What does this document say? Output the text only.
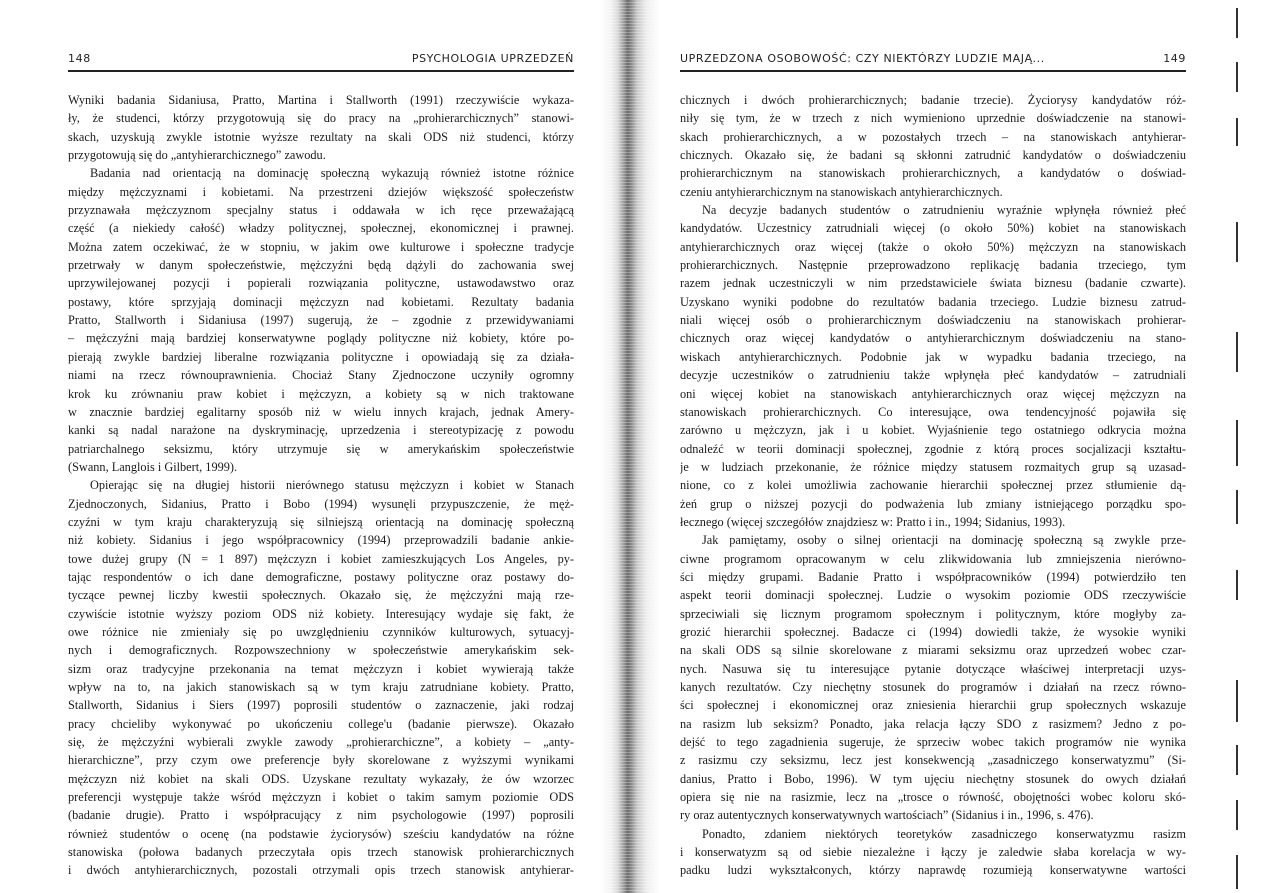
148	PSYCHOLOGIA UPRZEDZEŃ
Wyniki badania Sidaniusa, Pratto, Martina i Stallworth (1991) rzeczywiście wykaza-
ły, że studenci, którzy przygotowują się do pracy na „prohierarchicznych” stanowi-
skach, uzyskują zwykle istotnie wyższe rezultaty na skali ODS niż studenci, którzy
przygotowują się do „antyhierarchicznego” zawodu.
Badania nad orientacją na dominację społeczną wykazują również istotne różnice
między mężczyznami i kobietami. Na przestrzeni dziejów większość społeczeństw
przyznawała mężczyznom specjalny status i oddawała w ich ręce przeważającą
część (a niekiedy całość) władzy politycznej, społecznej, ekonomicznej i prawnej.
Można zatem oczekiwać, że w stopniu, w jakim owe kulturowe i społeczne tradycje
przetrwały w danym społeczeństwie, mężczyźni będą dążyli do zachowania swej
uprzywilejowanej pozycji i popierali rozwiązania polityczne, ustawodawstwo oraz
postawy, które sprzyjają dominacji mężczyzn nad kobietami. Rezultaty badania
Pratto, Stallworth i Sidaniusa (1997) sugerują, że – zgodnie z przewidywaniami
– mężczyźni mają bardziej konserwatywne poglądy polityczne niż kobiety, które po-
pierają zwykle bardziej liberalne rozwiązania polityczne i opowiadają się za działa-
niami na rzecz równouprawnienia. Chociaż Stany Zjednoczone uczyniły ogromny
krok ku zrównaniu praw kobiet i mężczyzn, a kobiety są w nich traktowane
w znacznie bardziej egalitarny sposób niż w wielu innych krajach, jednak Amery-
kanki są nadal narażone na dyskryminację, uprzedzenia i stereotypizację z powodu
patriarchalnego seksizmu, który utrzymuje się w amerykańskim społeczeństwie
(Swann, Langlois i Gilbert, 1999).
Opierając się na długiej historii nierównego statusu mężczyzn i kobiet w Stanach
Zjednoczonych, Sidanius, Pratto i Bobo (1994) wysunęli przypuszczenie, że męż-
czyźni w tym kraju charakteryzują się silniejszą orientacją na dominację społeczną
niż kobiety. Sidanius i jego współpracownicy (1994) przeprowadzili badanie ankie-
towe dużej grupy (N = 1 897) mężczyzn i kobiet zamieszkujących Los Angeles, py-
tając respondentów o ich dane demograficzne, postawy polityczne oraz postawy do-
tyczące pewnej liczby kwestii społecznych. Okazało się, że mężczyźni mają rze-
czywiście istotnie wyższy poziom ODS niż kobiety. Interesujący wydaje się fakt, że
owe różnice nie zmieniały się po uwzględnieniu czynników kulturowych, sytuacyj-
nych i demograficznych. Rozpowszechniony w społeczeństwie amerykańskim sek-
sizm oraz tradycyjne przekonania na temat mężczyzn i kobiet wywierają także
wpływ na to, na jakich stanowiskach są w tym kraju zatrudniane kobiety. Pratto,
Stallworth, Sidanius i Siers (1997) poprosili studentów o zaznaczenie, jaki rodzaj
pracy chcieliby wykonywać po ukończeniu college'u (badanie pierwsze). Okazało
się, że mężczyźni wybierali zwykle zawody „prohierarchiczne”, a kobiety – „anty-
hierarchiczne”, przy czym owe preferencje były skorelowane z wyższymi wynikami
mężczyzn niż kobiet na skali ODS. Uzyskane rezultaty wykazały, że ów wzorzec
preferencji występuje także wśród mężczyzn i kobiet o takim samym poziomie ODS
(badanie drugie). Pratto i współpracujący z nim psychologowie (1997) poprosili
również studentów o ocenę (na podstawie życiorysów) sześciu kandydatów na różne
stanowiska (połowa badanych przeczytała opis trzech stanowisk prohierarchicznych
i dwóch antyhierarchicznych, pozostali otrzymali opis trzech stanowisk antyhierar-
UPRZEDZONA OSOBOWOŚĆ: CZY NIEKTÓRZY LUDZIE MAJĄ...	149
chicznych i dwóch prohierarchicznych; badanie trzecie). Życiorysy kandydatów róż-
niły się tym, że w trzech z nich wymieniono uprzednie doświadczenie na stanowi-
skach prohierarchicznych, a w pozostałych trzech – na stanowiskach antyhierar-
chicznych. Okazało się, że badani są skłonni zatrudnić kandydatów o doświadczeniu
prohierarchicznym na stanowiskach prohierarchicznych, a kandydatów o doświad-
czeniu antyhierarchicznym na stanowiskach antyhierarchicznych.
Na decyzje badanych studentów o zatrudnieniu wyraźnie wpłynęła również płeć
kandydatów. Uczestnicy zatrudniali więcej (o około 50%) kobiet na stanowiskach
antyhierarchicznych oraz więcej (także o około 50%) mężczyzn na stanowiskach
prohierarchicznych. Następnie przeprowadzono replikację badania trzeciego, tym
razem jednak uczestniczyli w nim przedstawiciele świata biznesu (badanie czwarte).
Uzyskano wyniki podobne do rezultatów badania trzeciego. Ludzie biznesu zatrud-
niali więcej osób o prohierarchicznym doświadczeniu na stanowiskach prohierar-
chicznych oraz więcej kandydatów o antyhierarchicznym doświadczeniu na stano-
wiskach antyhierarchicznych. Podobnie jak w wypadku badania trzeciego, na
decyzje uczestników o zatrudnieniu także wpłynęła płeć kandydatów – zatrudniali
oni więcej kobiet na stanowiskach antyhierarchicznych oraz więcej mężczyzn na
stanowiskach prohierarchicznych. Co interesujące, owa tendencyjność pojawiła się
zarówno u mężczyzn, jak i u kobiet. Wyjaśnienie tego ostatniego odkrycia można
odnaleźć w teorii dominacji społecznej, zgodnie z którą proces socjalizacji kształtu-
je w ludziach przekonanie, że różnice między statusem rozmaitych grup są uzasad-
nione, co z kolei umożliwia zachowanie hierarchii społecznej przez stłumienie dą-
żeń grup o niższej pozycji do podważenia lub zmiany istniejącego porządku spo-
łecznego (więcej szczegółów znajdziesz w: Pratto i in., 1994; Sidanius, 1993).
Jak pamiętamy, osoby o silnej orientacji na dominację społeczną są zwykle prze-
ciwne programom opracowanym w celu zlikwidowania lub zmniejszenia nierówno-
ści między grupami. Badanie Pratto i współpracowników (1994) potwierdziło ten
aspekt teorii dominacji społecznej. Ludzie o wysokim poziomie ODS rzeczywiście
sprzeciwiali się licznym programom społecznym i politycznym, które mogłyby za-
grozić hierarchii społecznej. Badacze ci (1994) dowiedli także, że wysokie wyniki
na skali ODS są silnie skorelowane z miarami seksizmu oraz uprzedzeń wobec czar-
nych. Nasuwa się tu interesujące pytanie dotyczące właściwej interpretacji uzys-
kanych rezultatów. Czy niechętny stosunek do programów i działań na rzecz równo-
ści społecznej i ekonomicznej oraz zniesienia hierarchii grup społecznych wskazuje
na rasizm lub seksizm? Ponadto, jaka relacja łączy SDO z rasizmem? Jedno z po-
dejść to tego zagadnienia sugeruje, że sprzeciw wobec takich programów nie wynika
z rasizmu czy seksizmu, lecz jest konsekwencją „zasadniczego konserwatyzmu” (Si-
danius, Pratto i Bobo, 1996). W tym ujęciu niechętny stosunek do owych działań
opiera się nie na rasizmie, lecz na „trosce o równość, obojętności wobec koloru skó-
ry oraz autentycznych konserwatywnych wartościach” (Sidanius i in., 1996, s. 476).
Ponadto, zdaniem niektórych teoretyków zasadniczego konserwatyzmu rasizm
i konserwatyzm są od siebie niezależne i łączy je zaledwie słaba korelacja w wy-
padku ludzi wykształconych, którzy naprawdę rozumieją konserwatywne wartości
